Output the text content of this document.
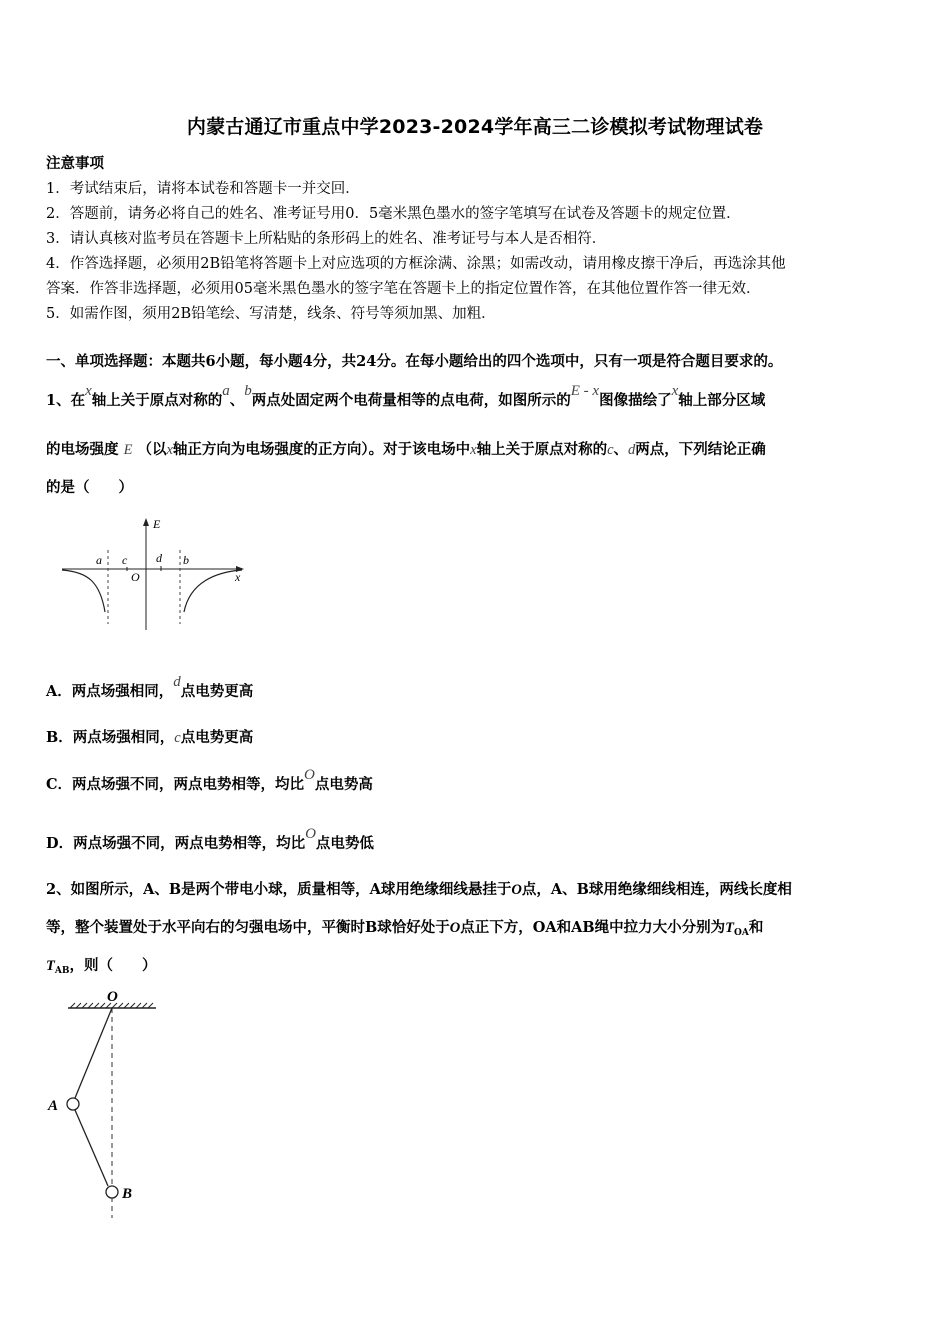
内蒙古通辽市重点中学2023-2024学年高三二诊模拟考试物理试卷
注意事项
1．考试结束后，请将本试卷和答题卡一并交回．
2．答题前，请务必将自己的姓名、准考证号用0．5毫米黑色墨水的签字笔填写在试卷及答题卡的规定位置．
3．请认真核对监考员在答题卡上所粘贴的条形码上的姓名、准考证号与本人是否相符．
4．作答选择题，必须用2B铅笔将答题卡上对应选项的方框涂满、涂黑；如需改动，请用橡皮擦干净后，再选涂其他
答案．作答非选择题，必须用05毫米黑色墨水的签字笔在答题卡上的指定位置作答，在其他位置作答一律无效．
5．如需作图，须用2B铅笔绘、写清楚，线条、符号等须加黑、加粗．
一、单项选择题：本题共6小题，每小题4分，共24分。在每小题给出的四个选项中，只有一项是符合题目要求的。
1、在x轴上关于原点对称的a、b两点处固定两个电荷量相等的点电荷，如图所示的E - x图像描绘了x轴上部分区域
的电场强度 E （以x轴正方向为电场强度的正方向）。对于该电场中x轴上关于原点对称的c、d两点，下列结论正确
的是（　　）
E
x
O
a c d b
A．两点场强相同，d点电势更高
B．两点场强相同，c点电势更高
C．两点场强不同，两点电势相等，均比O点电势高
D．两点场强不同，两点电势相等，均比O点电势低
2、如图所示，A、B是两个带电小球，质量相等，A球用绝缘细线悬挂于O点，A、B球用绝缘细线相连，两线长度相
等，整个装置处于水平向右的匀强电场中，平衡时B球恰好处于O点正下方，OA和AB绳中拉力大小分别为$T_{OA}$和
$T_{AB}$，则（　　）
O
A
B
